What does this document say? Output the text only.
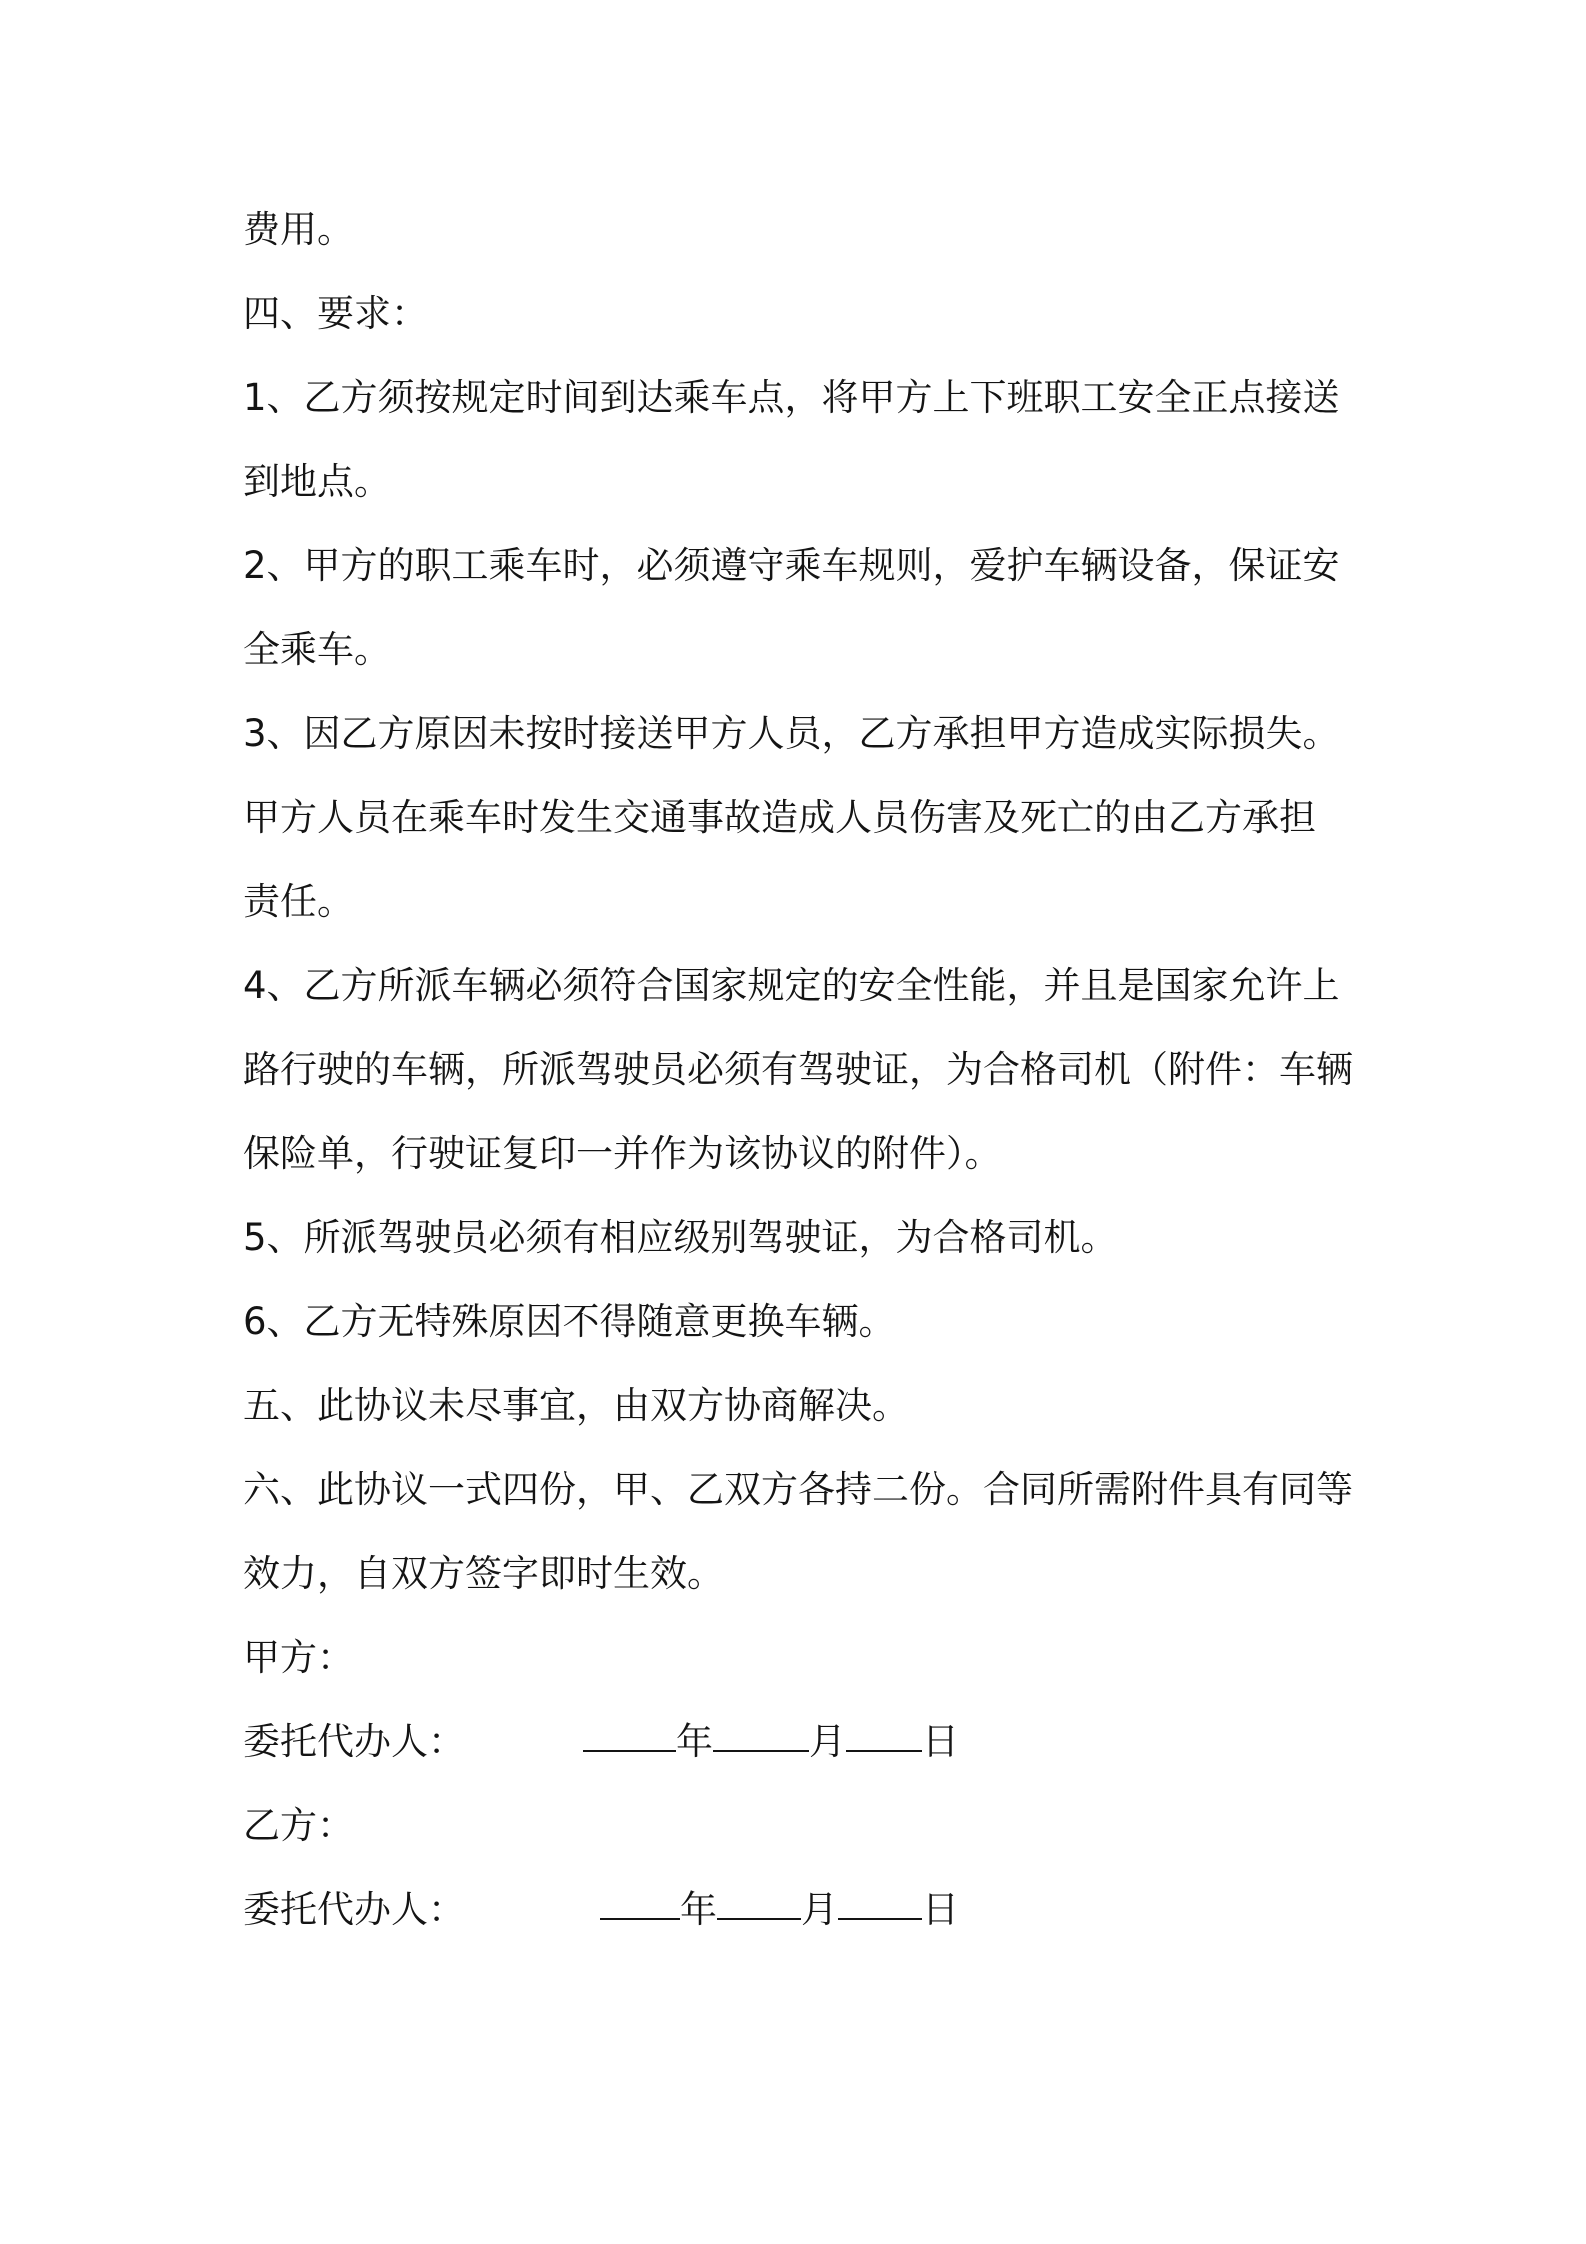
费用。
四、要求：
1、乙方须按规定时间到达乘车点，将甲方上下班职工安全正点接送
到地点。
2、甲方的职工乘车时，必须遵守乘车规则，爱护车辆设备，保证安
全乘车。
3、因乙方原因未按时接送甲方人员，乙方承担甲方造成实际损失。
甲方人员在乘车时发生交通事故造成人员伤害及死亡的由乙方承担
责任。
4、乙方所派车辆必须符合国家规定的安全性能，并且是国家允许上
路行驶的车辆，所派驾驶员必须有驾驶证，为合格司机（附件：车辆
保险单，行驶证复印一并作为该协议的附件）。
5、所派驾驶员必须有相应级别驾驶证，为合格司机。
6、乙方无特殊原因不得随意更换车辆。
五、此协议未尽事宜，由双方协商解决。
六、此协议一式四份，甲、乙双方各持二份。合同所需附件具有同等
效力，自双方签字即时生效。
甲方：
委托代办人：	年	月 日
乙方：
委托代办人：	年 月 日
